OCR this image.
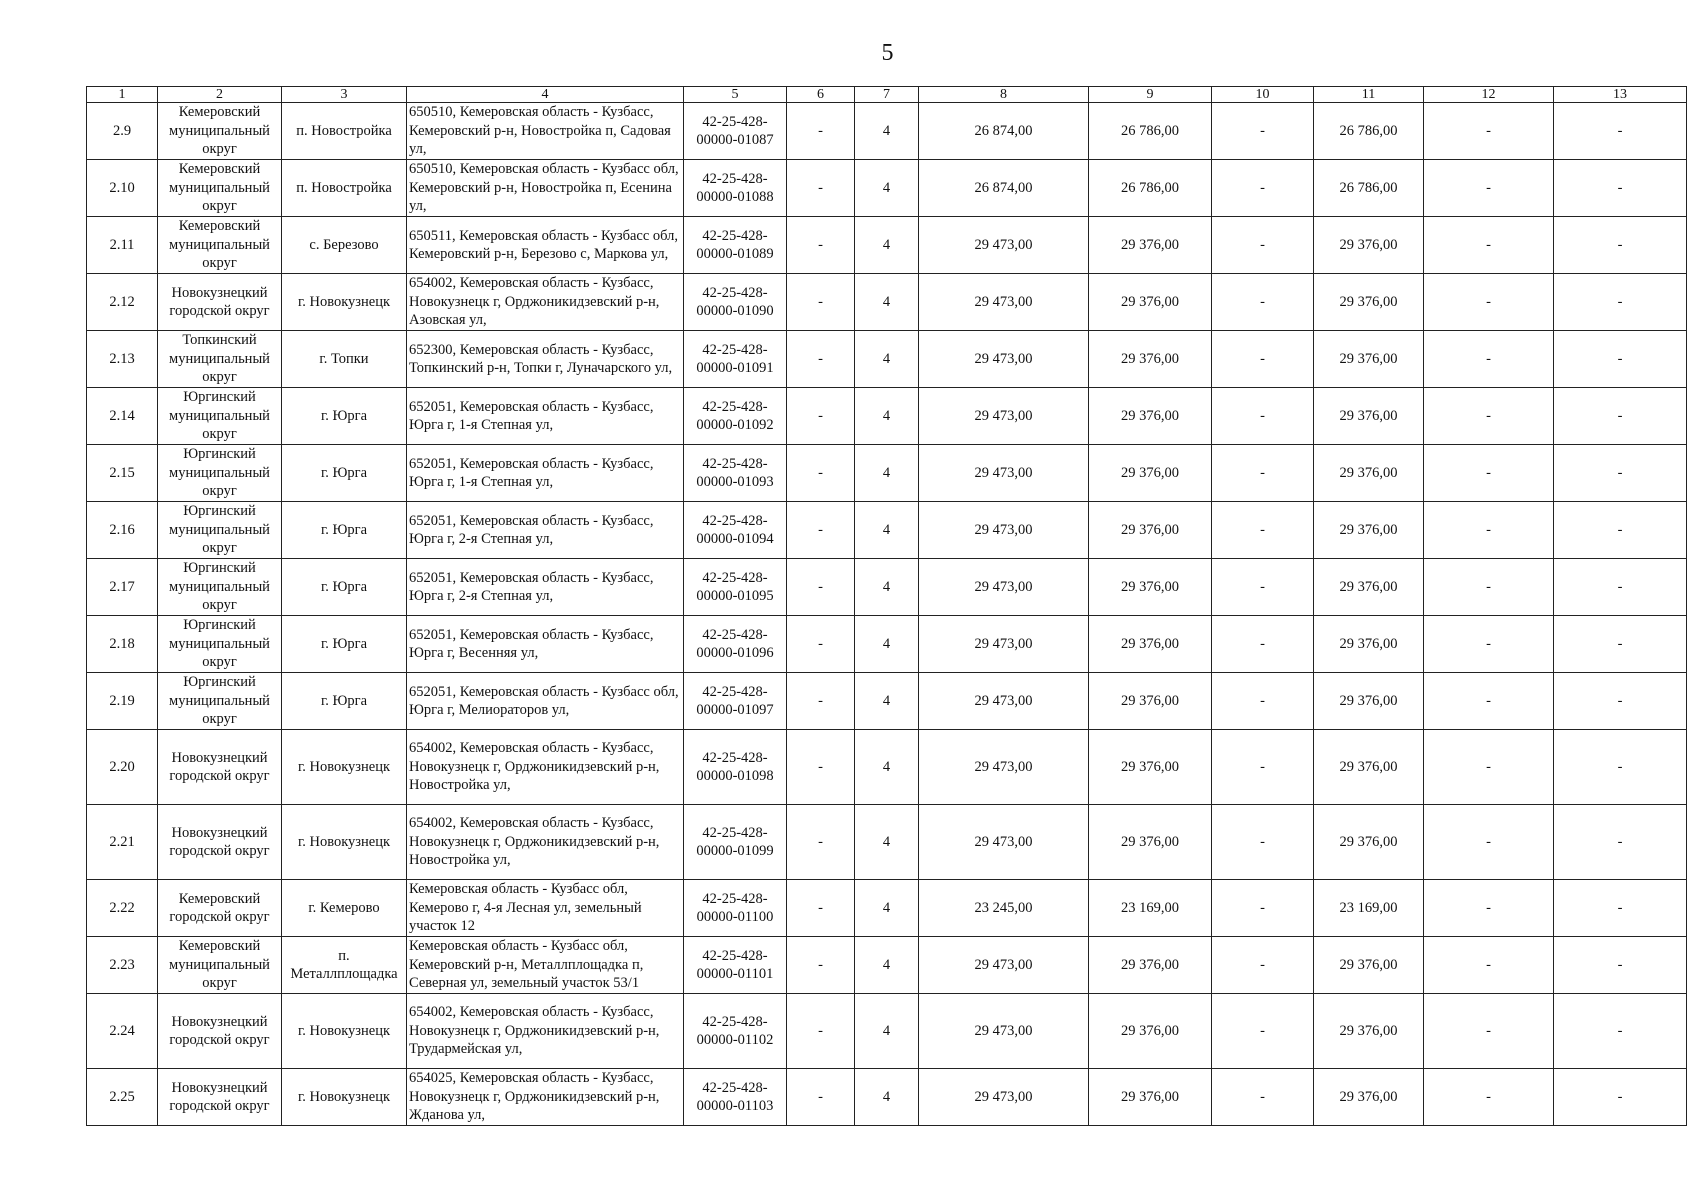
5
1	2	3	4	5	6	7	8	9	10	11	12	13
2.9	Кемеровский муниципальный округ	п. Новостройка	650510, Кемеровская область - Кузбасс, Кемеровский р-н, Новостройка п, Садовая ул,	42-25-428-00000-01087	-	4	26 874,00	26 786,00	-	26 786,00	-	-
2.10	Кемеровский муниципальный округ	п. Новостройка	650510, Кемеровская область - Кузбасс обл, Кемеровский р-н, Новостройка п, Есенина ул,	42-25-428-00000-01088	-	4	26 874,00	26 786,00	-	26 786,00	-	-
2.11	Кемеровский муниципальный округ	с. Березово	650511, Кемеровская область - Кузбасс обл, Кемеровский р-н, Березово с, Маркова ул,	42-25-428-00000-01089	-	4	29 473,00	29 376,00	-	29 376,00	-	-
2.12	Новокузнецкий городской округ	г. Новокузнецк	654002, Кемеровская область - Кузбасс, Новокузнецк г, Орджоникидзевский р-н, Азовская ул,	42-25-428-00000-01090	-	4	29 473,00	29 376,00	-	29 376,00	-	-
2.13	Топкинский муниципальный округ	г. Топки	652300, Кемеровская область - Кузбасс, Топкинский р-н, Топки г, Луначарского ул,	42-25-428-00000-01091	-	4	29 473,00	29 376,00	-	29 376,00	-	-
2.14	Юргинский муниципальный округ	г. Юрга	652051, Кемеровская область - Кузбасс, Юрга г, 1-я Степная ул,	42-25-428-00000-01092	-	4	29 473,00	29 376,00	-	29 376,00	-	-
2.15	Юргинский муниципальный округ	г. Юрга	652051, Кемеровская область - Кузбасс, Юрга г, 1-я Степная ул,	42-25-428-00000-01093	-	4	29 473,00	29 376,00	-	29 376,00	-	-
2.16	Юргинский муниципальный округ	г. Юрга	652051, Кемеровская область - Кузбасс, Юрга г, 2-я Степная ул,	42-25-428-00000-01094	-	4	29 473,00	29 376,00	-	29 376,00	-	-
2.17	Юргинский муниципальный округ	г. Юрга	652051, Кемеровская область - Кузбасс, Юрга г, 2-я Степная ул,	42-25-428-00000-01095	-	4	29 473,00	29 376,00	-	29 376,00	-	-
2.18	Юргинский муниципальный округ	г. Юрга	652051, Кемеровская область - Кузбасс, Юрга г, Весенняя ул,	42-25-428-00000-01096	-	4	29 473,00	29 376,00	-	29 376,00	-	-
2.19	Юргинский муниципальный округ	г. Юрга	652051, Кемеровская область - Кузбасс обл, Юрга г, Мелиораторов ул,	42-25-428-00000-01097	-	4	29 473,00	29 376,00	-	29 376,00	-	-
2.20	Новокузнецкий городской округ	г. Новокузнецк	654002, Кемеровская область - Кузбасс, Новокузнецк г, Орджоникидзевский р-н, Новостройка ул,	42-25-428-00000-01098	-	4	29 473,00	29 376,00	-	29 376,00	-	-
2.21	Новокузнецкий городской округ	г. Новокузнецк	654002, Кемеровская область - Кузбасс, Новокузнецк г, Орджоникидзевский р-н, Новостройка ул,	42-25-428-00000-01099	-	4	29 473,00	29 376,00	-	29 376,00	-	-
2.22	Кемеровский городской округ	г. Кемерово	Кемеровская область - Кузбасс обл, Кемерово г, 4-я Лесная ул, земельный участок 12	42-25-428-00000-01100	-	4	23 245,00	23 169,00	-	23 169,00	-	-
2.23	Кемеровский муниципальный округ	п. Металлплощадка	Кемеровская область - Кузбасс обл, Кемеровский р-н, Металлплощадка п, Северная ул, земельный участок 53/1	42-25-428-00000-01101	-	4	29 473,00	29 376,00	-	29 376,00	-	-
2.24	Новокузнецкий городской округ	г. Новокузнецк	654002, Кемеровская область - Кузбасс, Новокузнецк г, Орджоникидзевский р-н, Трудармейская ул,	42-25-428-00000-01102	-	4	29 473,00	29 376,00	-	29 376,00	-	-
2.25	Новокузнецкий городской округ	г. Новокузнецк	654025, Кемеровская область - Кузбасс, Новокузнецк г, Орджоникидзевский р-н, Жданова ул,	42-25-428-00000-01103	-	4	29 473,00	29 376,00	-	29 376,00	-	-
